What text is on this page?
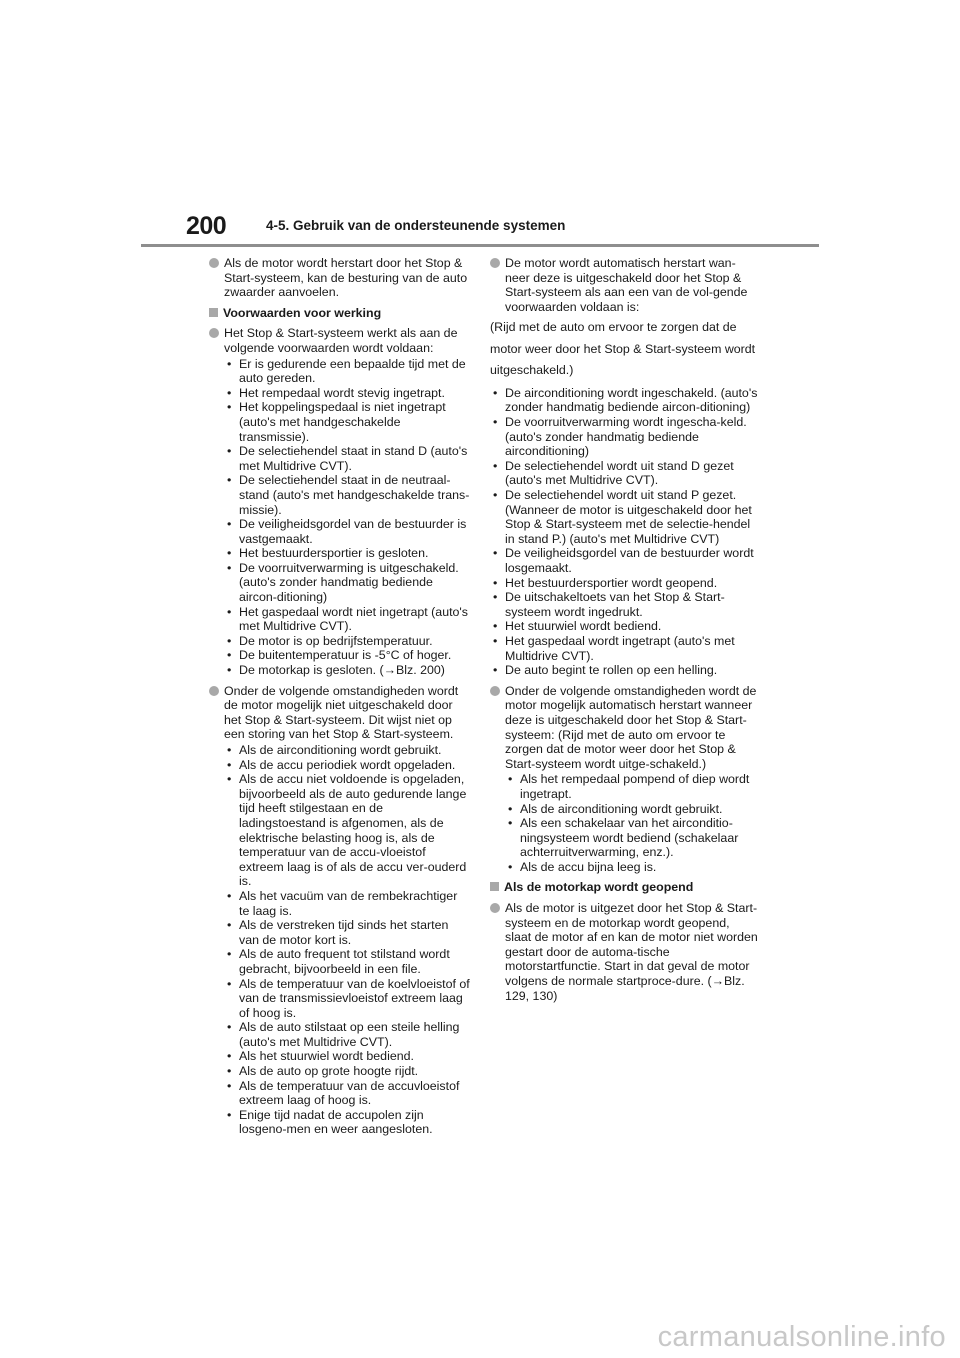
200	4-5. Gebruik van de ondersteunende systemen
Als de motor wordt herstart door het Stop & Start-systeem, kan de besturing van de auto zwaarder aanvoelen.
Voorwaarden voor werking
Het Stop & Start-systeem werkt als aan de volgende voorwaarden wordt voldaan:
• Er is gedurende een bepaalde tijd met de auto gereden.
• Het rempedaal wordt stevig ingetrapt.
• Het koppelingspedaal is niet ingetrapt (auto's met handgeschakelde transmissie).
• De selectiehendel staat in stand D (auto's met Multidrive CVT).
• De selectiehendel staat in de neutraal-stand (auto's met handgeschakelde trans-missie).
• De veiligheidsgordel van de bestuurder is vastgemaakt.
• Het bestuurdersportier is gesloten.
• De voorruitverwarming is uitgeschakeld. (auto's zonder handmatig bediende aircon-ditioning)
• Het gaspedaal wordt niet ingetrapt (auto's met Multidrive CVT).
• De motor is op bedrijfstemperatuur.
• De buitentemperatuur is -5°C of hoger.
• De motorkap is gesloten. (→Blz. 200)
Onder de volgende omstandigheden wordt de motor mogelijk niet uitgeschakeld door het Stop & Start-systeem. Dit wijst niet op een storing van het Stop & Start-systeem.
• Als de airconditioning wordt gebruikt.
• Als de accu periodiek wordt opgeladen.
• Als de accu niet voldoende is opgeladen, bijvoorbeeld als de auto gedurende lange tijd heeft stilgestaan en de ladingstoestand is afgenomen, als de elektrische belasting hoog is, als de temperatuur van de accu-vloeistof extreem laag is of als de accu ver-ouderd is.
• Als het vacuüm van de rembekrachtiger te laag is.
• Als de verstreken tijd sinds het starten van de motor kort is.
• Als de auto frequent tot stilstand wordt gebracht, bijvoorbeeld in een file.
• Als de temperatuur van de koelvloeistof of van de transmissievloeistof extreem laag of hoog is.
• Als de auto stilstaat op een steile helling (auto's met Multidrive CVT).
• Als het stuurwiel wordt bediend.
• Als de auto op grote hoogte rijdt.
• Als de temperatuur van de accuvloeistof extreem laag of hoog is.
• Enige tijd nadat de accupolen zijn losgeno-men en weer aangesloten.
De motor wordt automatisch herstart wan-neer deze is uitgeschakeld door het Stop & Start-systeem als aan een van de vol-gende voorwaarden voldaan is:
(Rijd met de auto om ervoor te zorgen dat de motor weer door het Stop & Start-systeem wordt uitgeschakeld.)
• De airconditioning wordt ingeschakeld. (auto's zonder handmatig bediende aircon-ditioning)
• De voorruitverwarming wordt ingescha-keld. (auto's zonder handmatig bediende airconditioning)
• De selectiehendel wordt uit stand D gezet (auto's met Multidrive CVT).
• De selectiehendel wordt uit stand P gezet. (Wanneer de motor is uitgeschakeld door het Stop & Start-systeem met de selectie-hendel in stand P.) (auto's met Multidrive CVT)
• De veiligheidsgordel van de bestuurder wordt losgemaakt.
• Het bestuurdersportier wordt geopend.
• De uitschakeltoets van het Stop & Start-systeem wordt ingedrukt.
• Het stuurwiel wordt bediend.
• Het gaspedaal wordt ingetrapt (auto's met Multidrive CVT).
• De auto begint te rollen op een helling.
Onder de volgende omstandigheden wordt de motor mogelijk automatisch herstart wanneer deze is uitgeschakeld door het Stop & Start-systeem: (Rijd met de auto om ervoor te zorgen dat de motor weer door het Stop & Start-systeem wordt uitge-schakeld.)
• Als het rempedaal pompend of diep wordt ingetrapt.
• Als de airconditioning wordt gebruikt.
• Als een schakelaar van het airconditio-ningsysteem wordt bediend (schakelaar achterruitverwarming, enz.).
• Als de accu bijna leeg is.
Als de motorkap wordt geopend
Als de motor is uitgezet door het Stop & Start-systeem en de motorkap wordt geopend, slaat de motor af en kan de motor niet worden gestart door de automa-tische motorstartfunctie. Start in dat geval de motor volgens de normale startproce-dure. (→Blz. 129, 130)
carmanualsonline.info
